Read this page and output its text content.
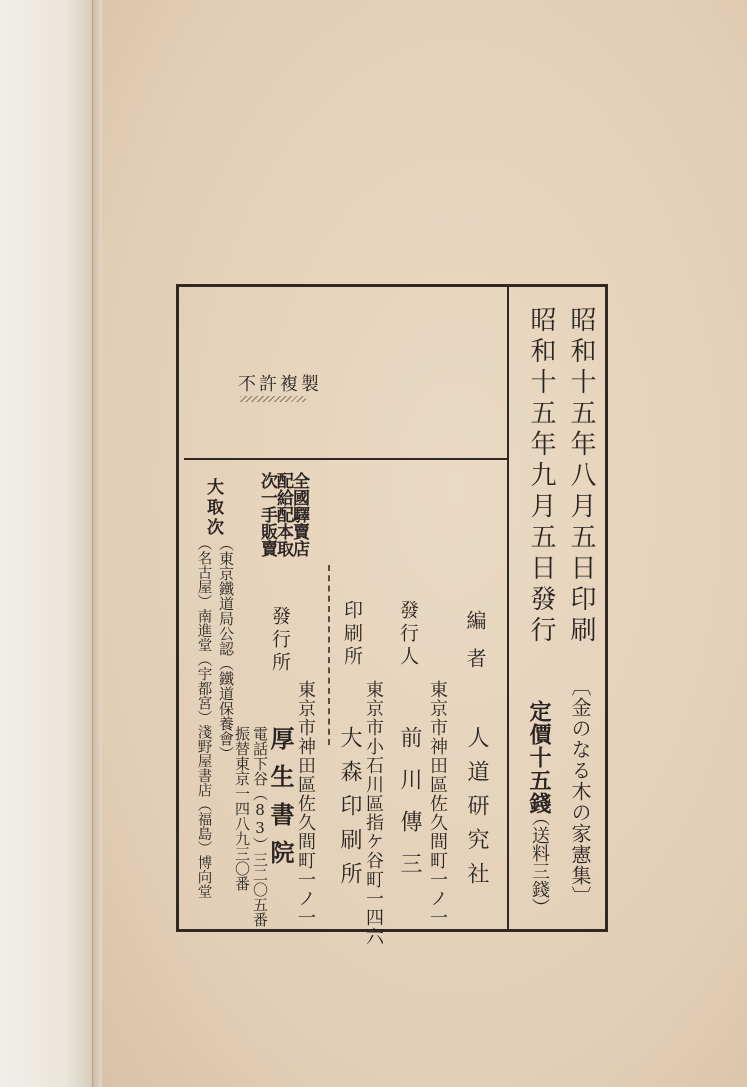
昭和十五年八月五日印刷
昭和十五年九月五日發行
〔金のなる木の家憲集〕
定價十五錢
（送料三錢）
不許複製
編者
人道研究社
東京市神田區佐久間町一ノ一
發行人
前川傳三
印刷所
東京市小石川區指ケ谷町一四六
大森印刷所
發行所
東京市神田區佐久間町一ノ一
厚生書院
電話下谷（83）三二〇五番
振替東京一四八九三〇番
全國驛賣店
配給配本取
次一手販賣
大取次
（東京鐵道局公認（鐵道保養會）
（名古屋）南進堂（宇都宮）淺野屋書店（福島）博向堂
